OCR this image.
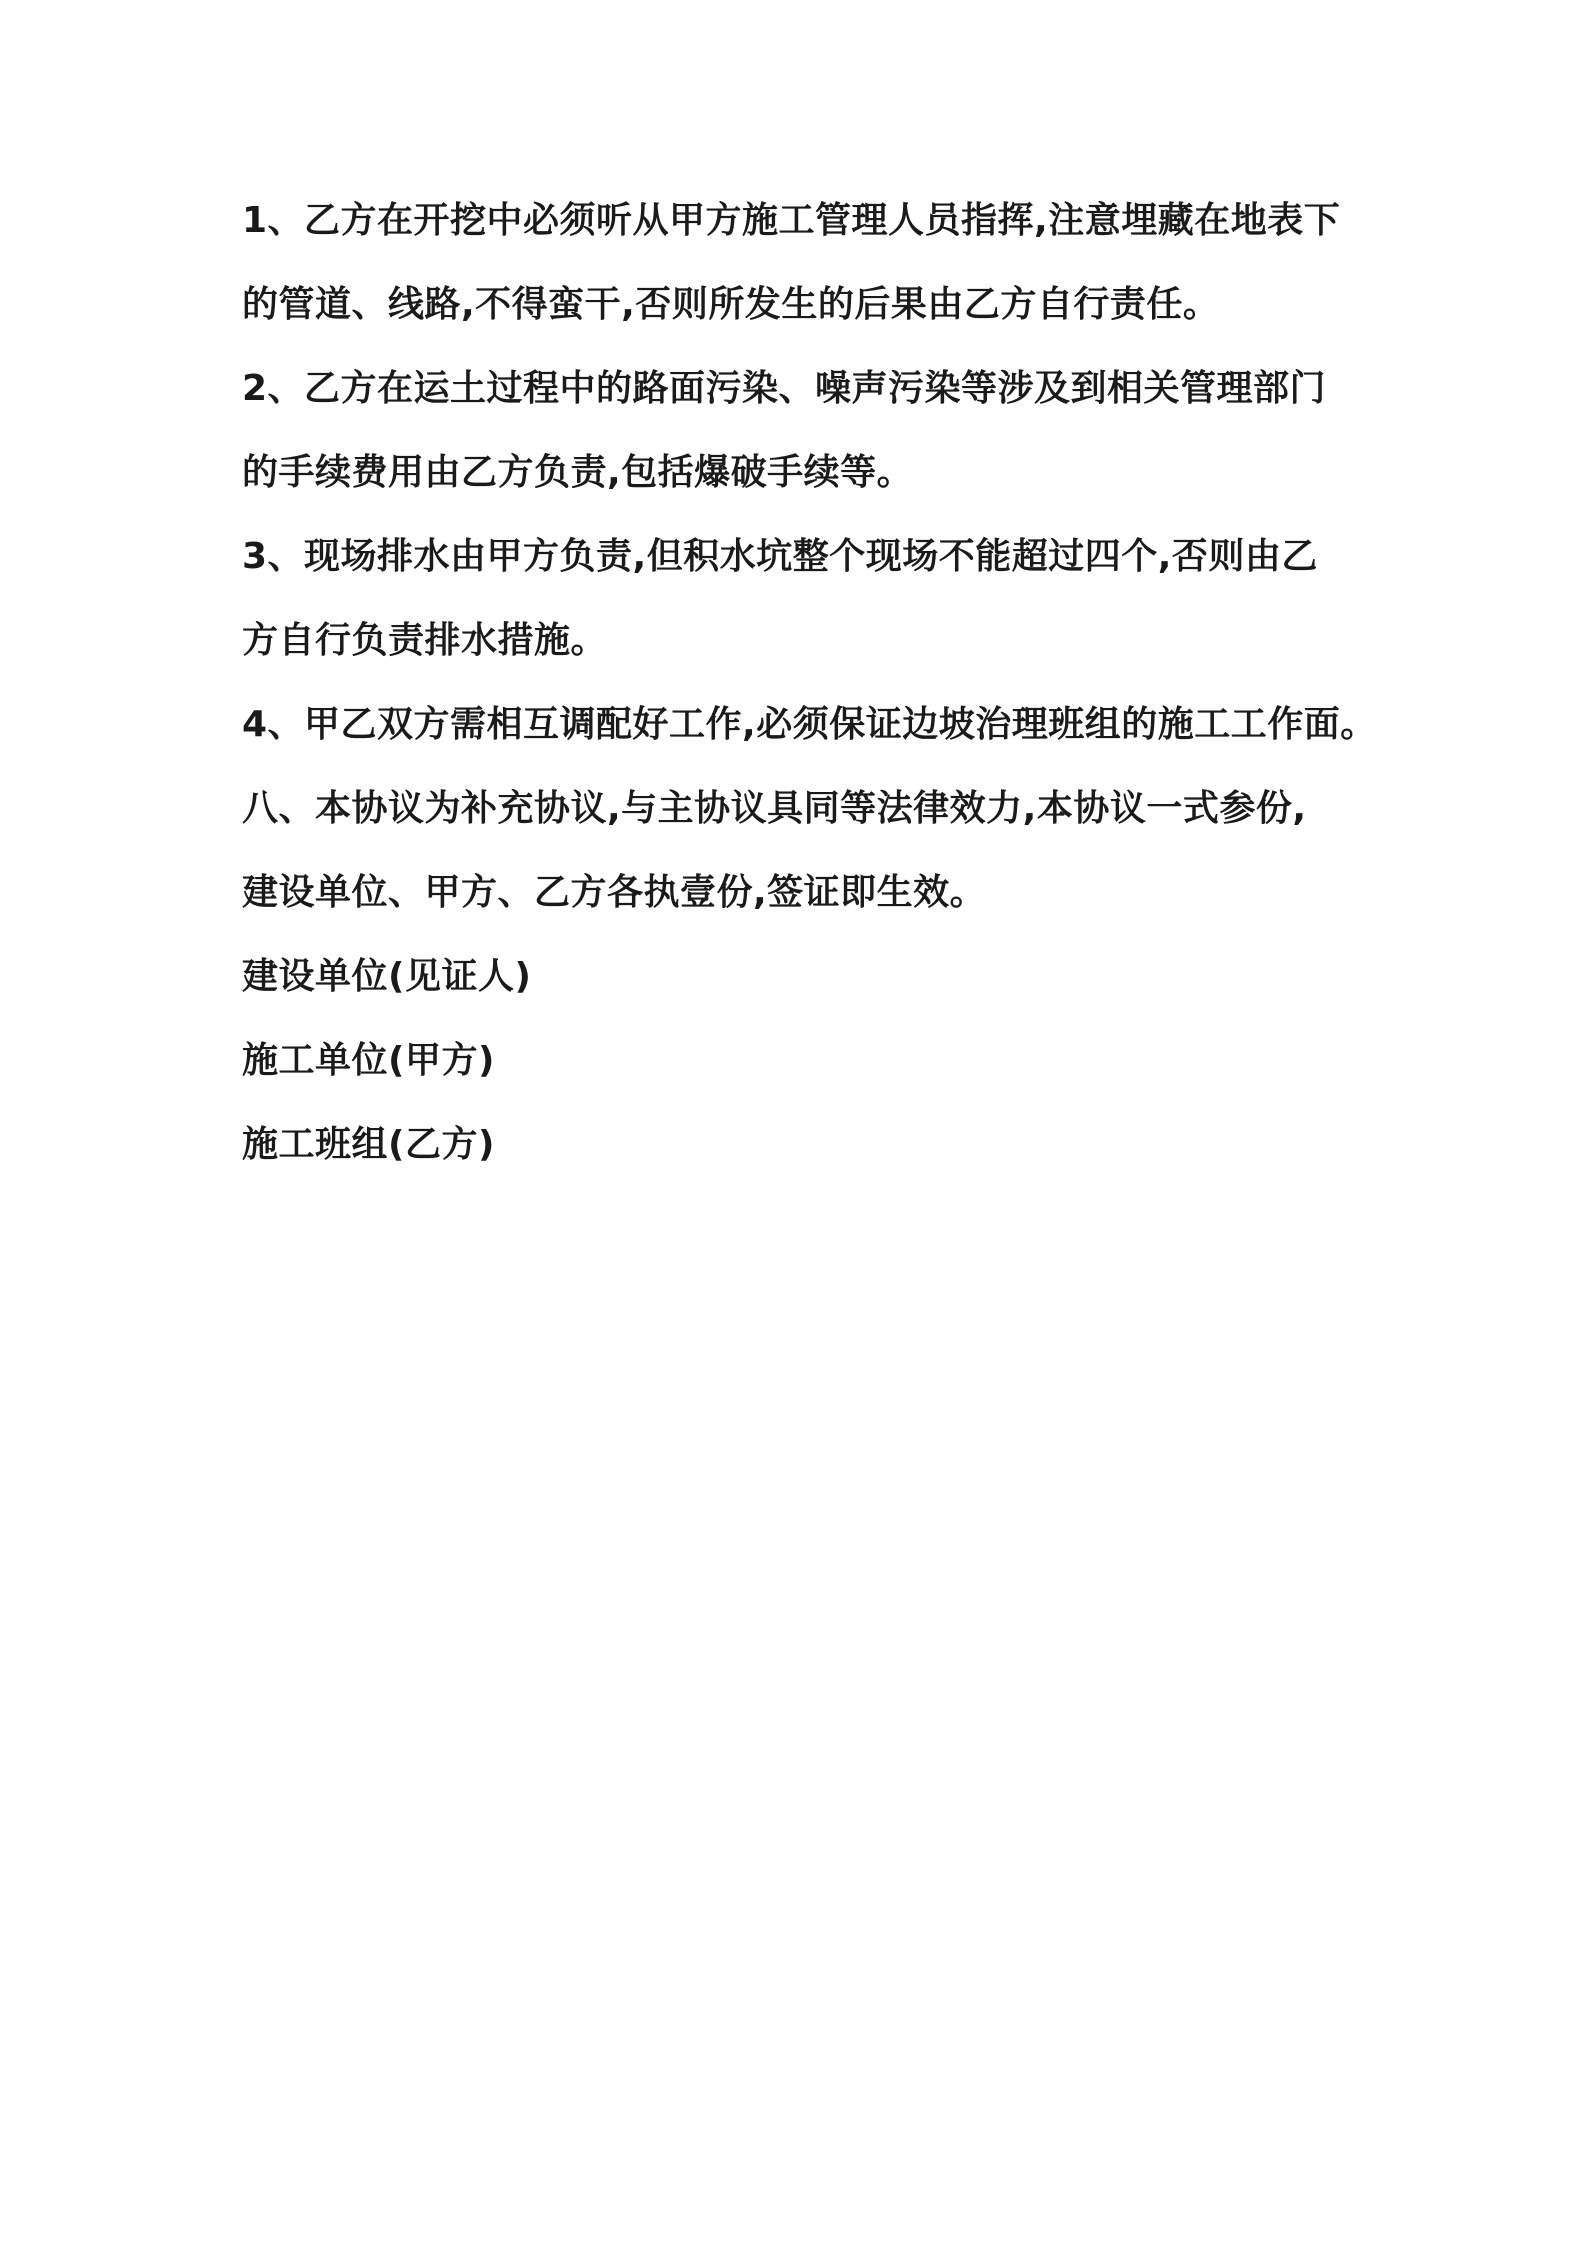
1、乙方在开挖中必须听从甲方施工管理人员指挥,注意埋藏在地表下
的管道、线路,不得蛮干,否则所发生的后果由乙方自行责任。
2、乙方在运土过程中的路面污染、噪声污染等涉及到相关管理部门
的手续费用由乙方负责,包括爆破手续等。
3、现场排水由甲方负责,但积水坑整个现场不能超过四个,否则由乙
方自行负责排水措施。
4、甲乙双方需相互调配好工作,必须保证边坡治理班组的施工工作面。
八、本协议为补充协议,与主协议具同等法律效力,本协议一式参份,
建设单位、甲方、乙方各执壹份,签证即生效。
建设单位(见证人)
施工单位(甲方)
施工班组(乙方)
